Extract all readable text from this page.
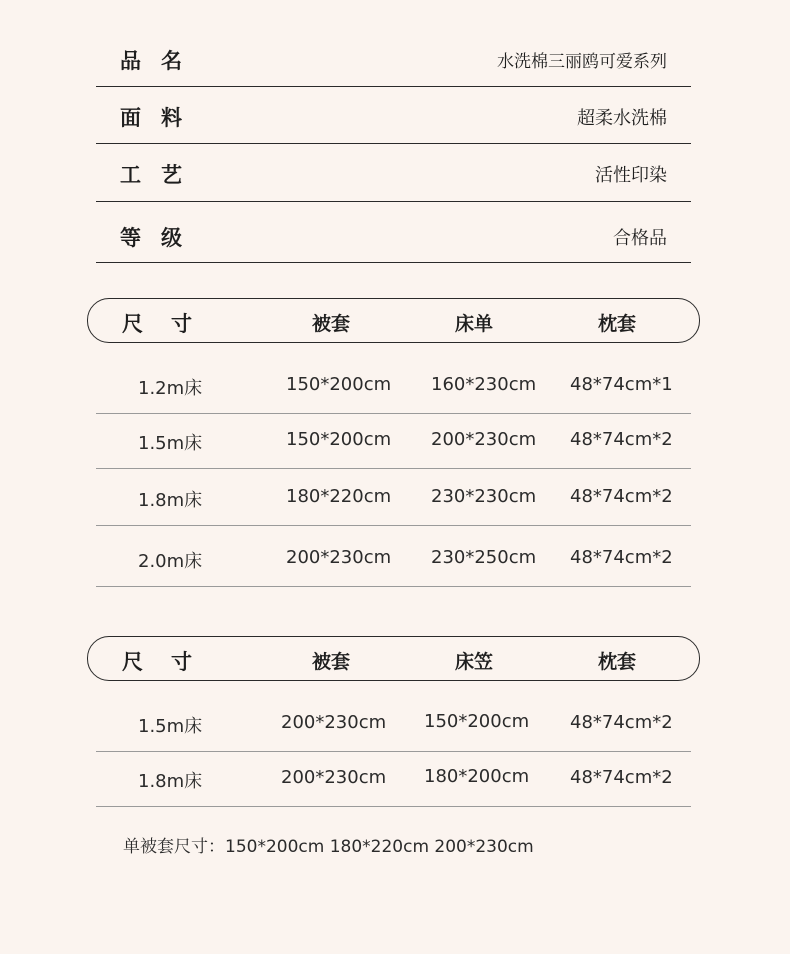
品名	水洗棉三丽鸥可爱系列
面料	超柔水洗棉
工艺	活性印染
等级	合格品
尺寸	被套	床单	枕套
1.2m床	150*200cm 160*230cm 48*74cm*1
1.5m床	150*200cm 200*230cm 48*74cm*2
1.8m床	180*220cm 230*230cm 48*74cm*2
2.0m床	200*230cm 230*250cm 48*74cm*2
尺寸	被套	床笠	枕套
1.5m床	200*230cm 150*200cm 48*74cm*2
1.8m床	200*230cm 180*200cm 48*74cm*2
单被套尺寸：150*200cm 180*220cm 200*230cm
